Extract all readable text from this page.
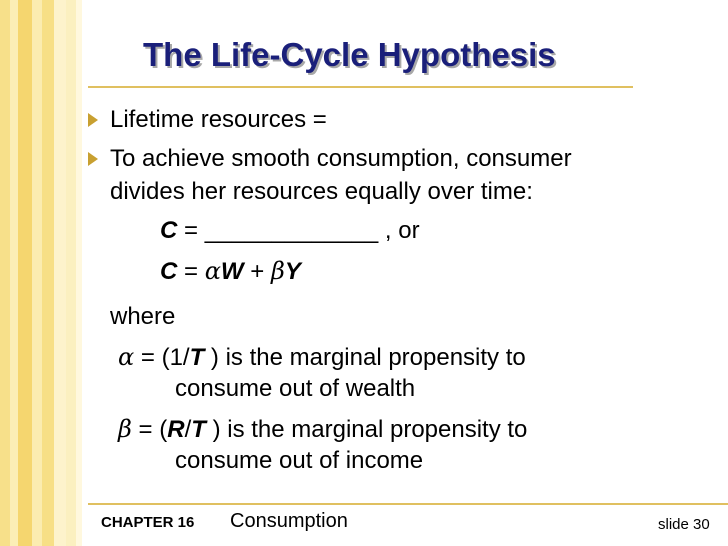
The Life-Cycle Hypothesis
Lifetime resources =
To achieve smooth consumption, consumer
divides her resources equally over time:
C = _____________ , or
C = αW + βY
where
α = (1/T ) is the marginal propensity to
consume out of wealth
β = (R/T ) is the marginal propensity to
consume out of income
CHAPTER 16 Consumption	slide 30
